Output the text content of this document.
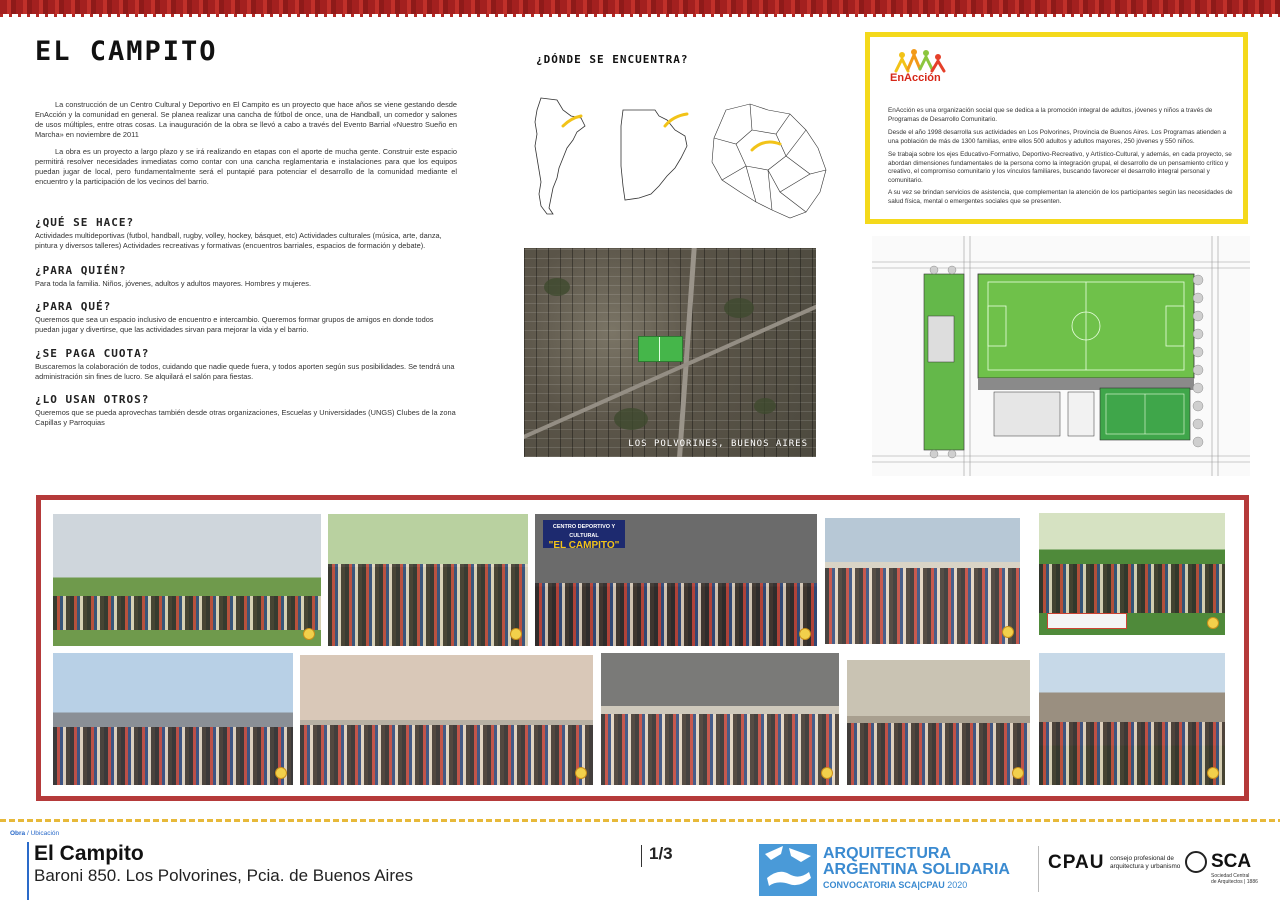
EL CAMPITO

La construcción de un Centro Cultural y Deportivo en El Campito es un proyecto que hace años se viene gestando desde EnAcción y la comunidad en general. Se planea realizar una cancha de fútbol de once, una de Handball, un comedor y salones de usos múltiples, entre otras cosas. La inauguración de la obra se llevó a cabo a través del Evento Barrial «Nuestro Sueño en Marcha» en noviembre de 2011

La obra es un proyecto a largo plazo y se irá realizando en etapas con el aporte de mucha gente. Construir este espacio permitirá resolver necesidades inmediatas como contar con una cancha reglamentaria e instalaciones para que los equipos puedan jugar de local, pero fundamentalmente será el puntapié para potenciar el desarrollo de la comunidad mediante el encuentro y la participación de los vecinos del barrio.

¿QUÉ SE HACE?

Actividades multideportivas (futbol, handball, rugby, volley, hockey, básquet, etc) Actividades culturales (música, arte, danza, pintura y diversos talleres) Actividades recreativas y formativas (encuentros barriales, espacios de formación y debate).

¿PARA QUIÉN?

Para toda la familia. Niños, jóvenes, adultos y adultos mayores. Hombres y mujeres.

¿PARA QUÉ?

Queremos que sea un espacio inclusivo de encuentro e intercambio. Queremos formar grupos de amigos en donde todos puedan jugar y divertirse, que las actividades sirvan para mejorar la vida y el barrio.

¿SE PAGA CUOTA?

Buscaremos la colaboración de todos, cuidando que nadie quede fuera, y todos aporten según sus posibilidades. Se tendrá una administración sin fines de lucro. Se alquilará el salón para fiestas.

¿LO USAN OTROS?

Queremos que se pueda aprovechas también desde otras organizaciones, Escuelas y Universidades (UNGS) Clubes de la zona Capillas y Parroquias

¿DÓNDE SE ENCUENTRA?
LOS POLVORINES, BUENOS AIRES
EnAcción

EnAcción es una organización social que se dedica a la promoción integral de adultos, jóvenes y niños a través de Programas de Desarrollo Comunitario.

Desde el año 1998 desarrolla sus actividades en Los Polvorines, Provincia de Buenos Aires. Los Programas atienden a una población de más de 1300 familias, entre ellos 500 adultos y adultos mayores, 250 jóvenes y 550 niños.

Se trabaja sobre los ejes Educativo-Formativo, Deportivo-Recreativo, y Artístico-Cultural, y además, en cada proyecto, se abordan dimensiones fundamentales de la persona como la integración grupal, el desarrollo de un pensamiento crítico y creativo, el compromiso comunitario y los vínculos familiares, buscando favorecer el desarrollo integral personal y comunitario.

A su vez se brindan servicios de asistencia, que complementan la atención de los participantes según las necesidades de salud física, mental o emergentes sociales que se presenten.

CENTRO DEPORTIVO Y CULTURAL
"EL CAMPITO"
Obra / Ubicación
El Campito
Baroni 850. Los Polvorines, Pcia. de Buenos Aires
1/3	ARQUITECTURA
ARGENTINA SOLIDARIA
CONVOCATORIA SCA|CPAU 2020
CPAU consejo profesional de
arquitectura y urbanismo SCA
Sociedad Central
de Arquitectos | 1886
